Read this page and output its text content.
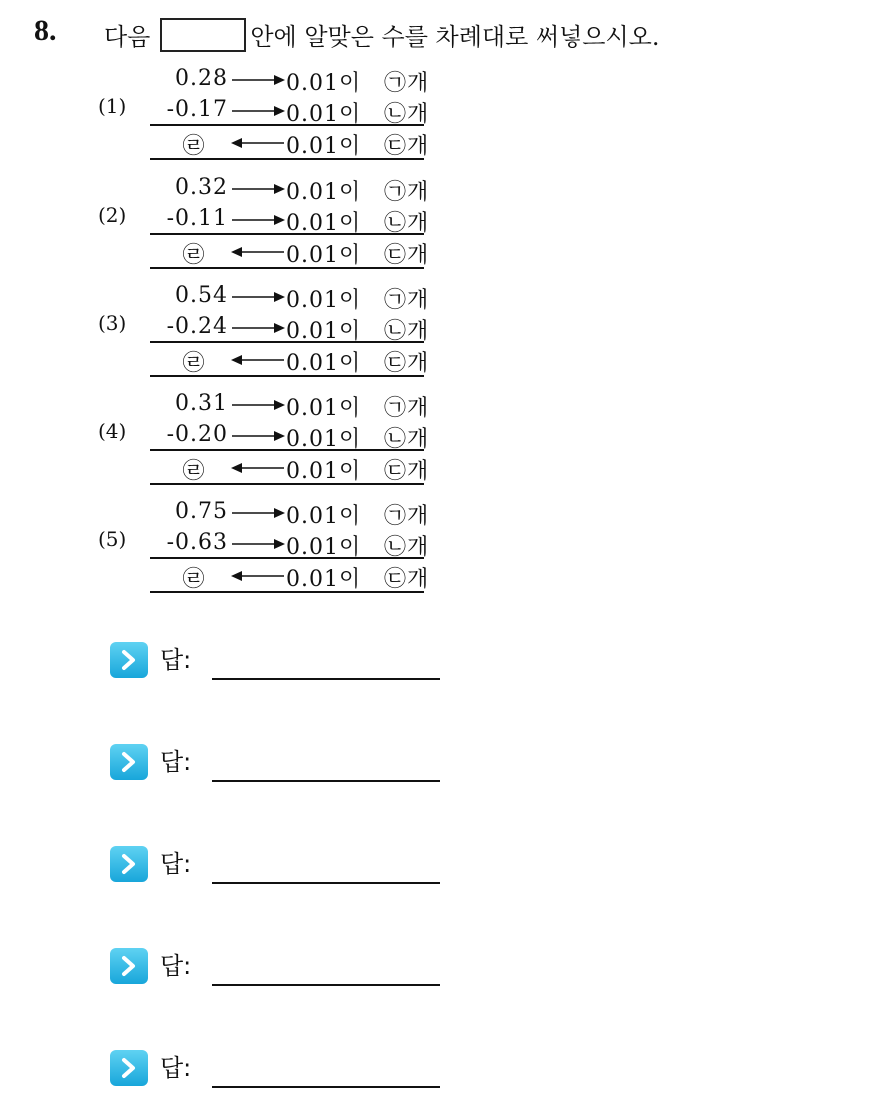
8. 다음	안에 알맞은 수를 차례대로 써넣으시오.
(1)
0.28	0.01이 ㉠개
-0.17	0.01이 ㉡개
㉣	0.01이 ㉢개
(2)
0.32	0.01이 ㉠개
-0.11	0.01이 ㉡개
㉣	0.01이 ㉢개
(3)
0.54	0.01이 ㉠개
-0.24	0.01이 ㉡개
㉣	0.01이 ㉢개
(4)
0.31	0.01이 ㉠개
-0.20	0.01이 ㉡개
㉣	0.01이 ㉢개
(5)
0.75	0.01이 ㉠개
-0.63	0.01이 ㉡개
㉣	0.01이 ㉢개
답:
답:
답:
답:
답:
